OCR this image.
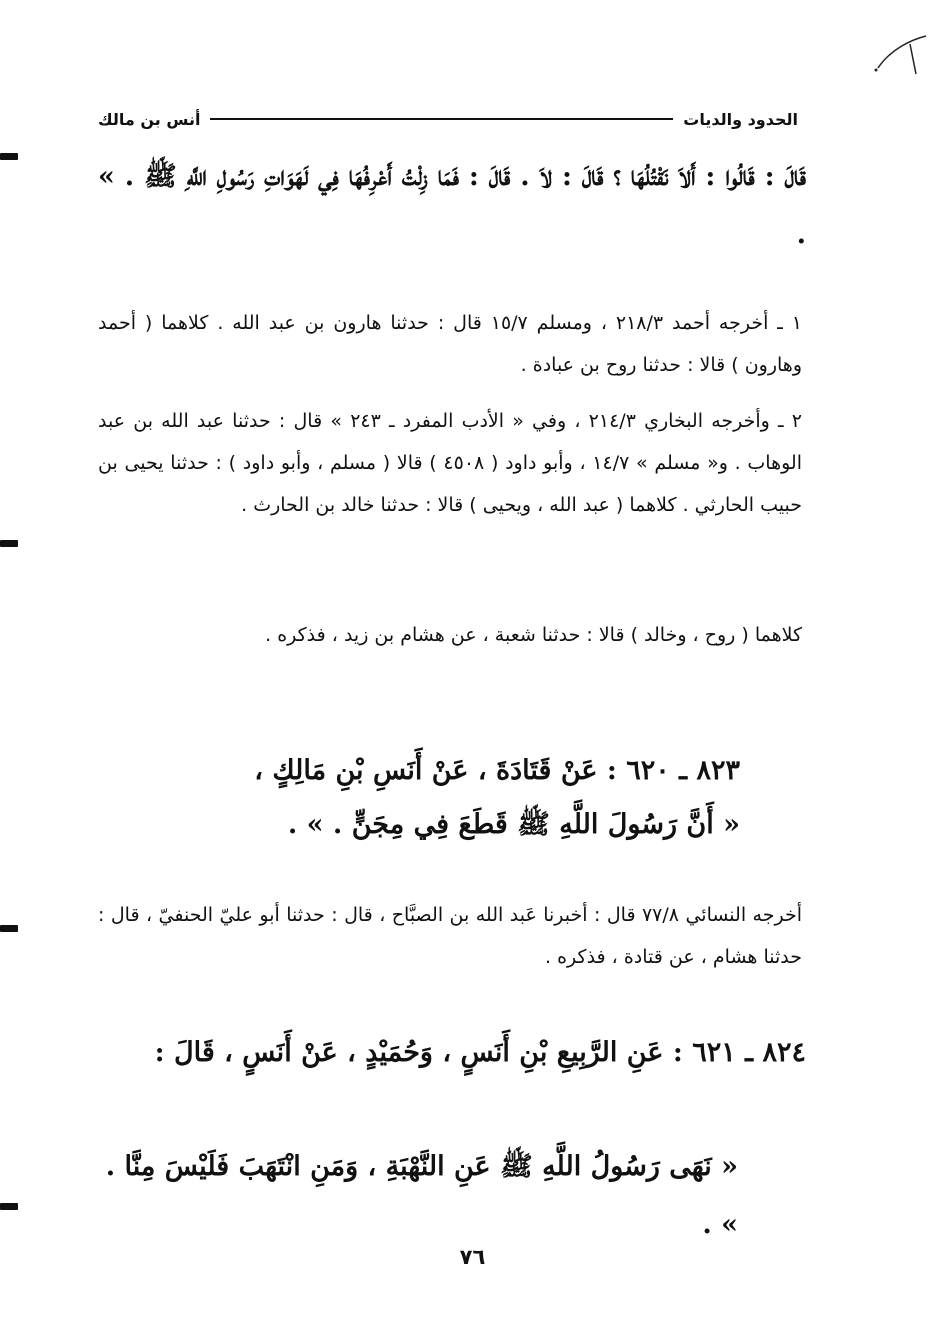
الحدود والديات
أنس بن مالك
قَالَ : قَالُوا : أَلاَ نَقْتُلُهَا ؟ قَالَ : لاَ . قَالَ : فَمَا زِلْتُ أَعْرِفُهَا فِي لَهَوَاتِ رَسُولِ اللَّهِ ﷺ . » .
١ ـ أخرجه أحمد ٢١٨/٣ ، ومسلم ١٥/٧ قال : حدثنا هارون بن عبد الله . كلاهما ( أحمد وهارون ) قالا : حدثنا روح بن عبادة .
٢ ـ وأخرجه البخاري ٢١٤/٣ ، وفي « الأدب المفرد ـ ٢٤٣ » قال : حدثنا عبد الله بن عبد الوهاب . و« مسلم » ١٤/٧ ، وأبو داود ( ٤٥٠٨ ) قالا ( مسلم ، وأبو داود ) : حدثنا يحيى بن حبيب الحارثي . كلاهما ( عبد الله ، ويحيى ) قالا : حدثنا خالد بن الحارث .
كلاهما ( روح ، وخالد ) قالا : حدثنا شعبة ، عن هشام بن زيد ، فذكره .
٨٢٣ ـ ٦٢٠ : عَنْ قَتَادَةَ ، عَنْ أَنَسِ بْنِ مَالِكٍ ،
« أَنَّ رَسُولَ اللَّهِ ﷺ قَطَعَ فِي مِجَنٍّ . » .
أخرجه النسائي ٧٧/٨ قال : أخبرنا عَبد الله بن الصبَّاح ، قال : حدثنا أبو عليّ الحنفيّ ، قال : حدثنا هشام ، عن قتادة ، فذكره .
٨٢٤ ـ ٦٢١ : عَنِ الرَّبِيعِ بْنِ أَنَسٍ ، وَحُمَيْدٍ ، عَنْ أَنَسٍ ، قَالَ :
« نَهَى رَسُولُ اللَّهِ ﷺ عَنِ النَّهْبَةِ ، وَمَنِ انْتَهَبَ فَلَيْسَ مِنَّا . » .
٧٦
